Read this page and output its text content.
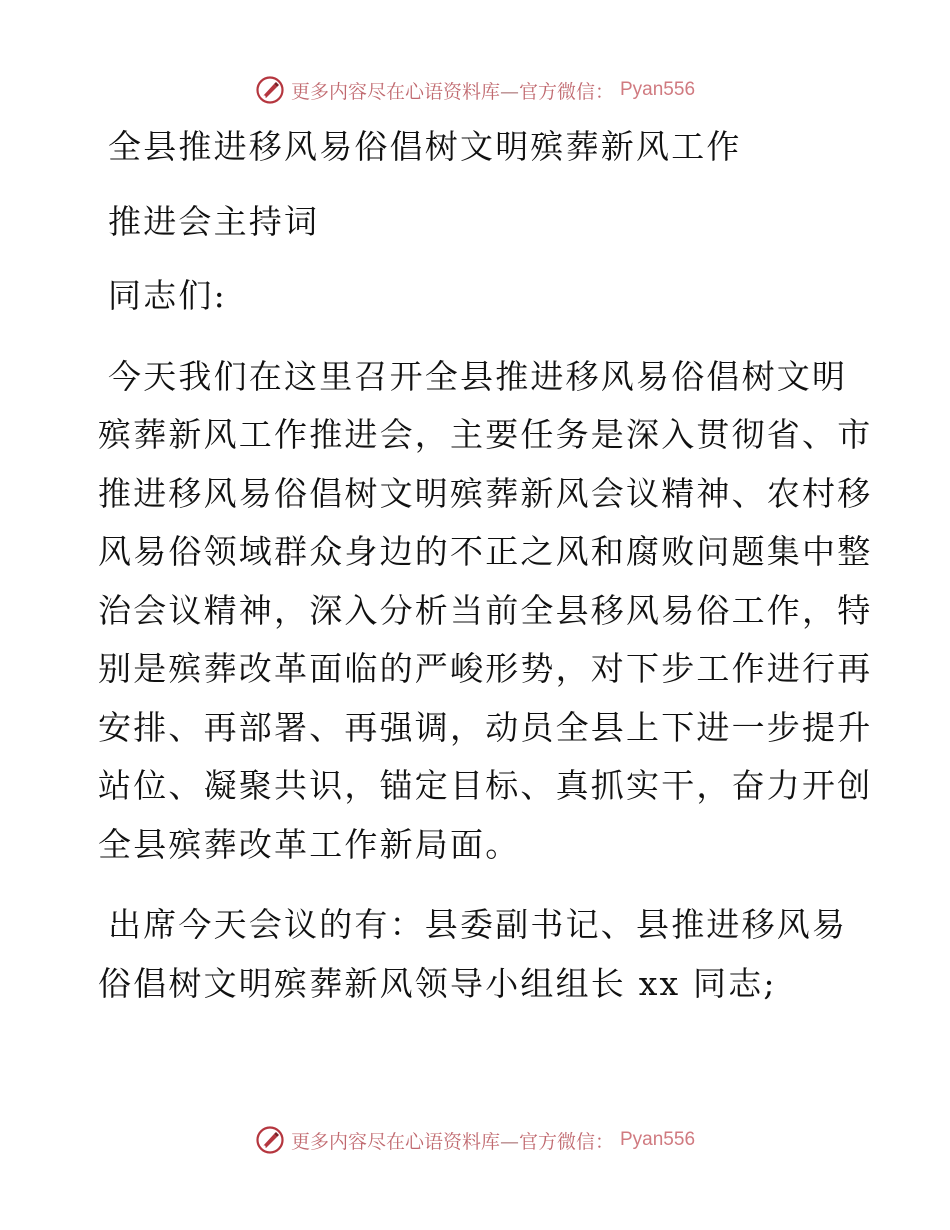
更多内容尽在心语资料库—官方微信： Pyan556
全县推进移风易俗倡树文明殡葬新风工作
推进会主持词
同志们:
今天我们在这里召开全县推进移风易俗倡树文明
殡葬新风工作推进会，主要任务是深入贯彻省、市
推进移风易俗倡树文明殡葬新风会议精神、农村移
风易俗领域群众身边的不正之风和腐败问题集中整
治会议精神，深入分析当前全县移风易俗工作，特
别是殡葬改革面临的严峻形势，对下步工作进行再
安排、再部署、再强调，动员全县上下进一步提升
站位、凝聚共识，锚定目标、真抓实干，奋力开创
全县殡葬改革工作新局面。
出席今天会议的有：县委副书记、县推进移风易
俗倡树文明殡葬新风领导小组组长 xx 同志;
更多内容尽在心语资料库—官方微信： Pyan556
